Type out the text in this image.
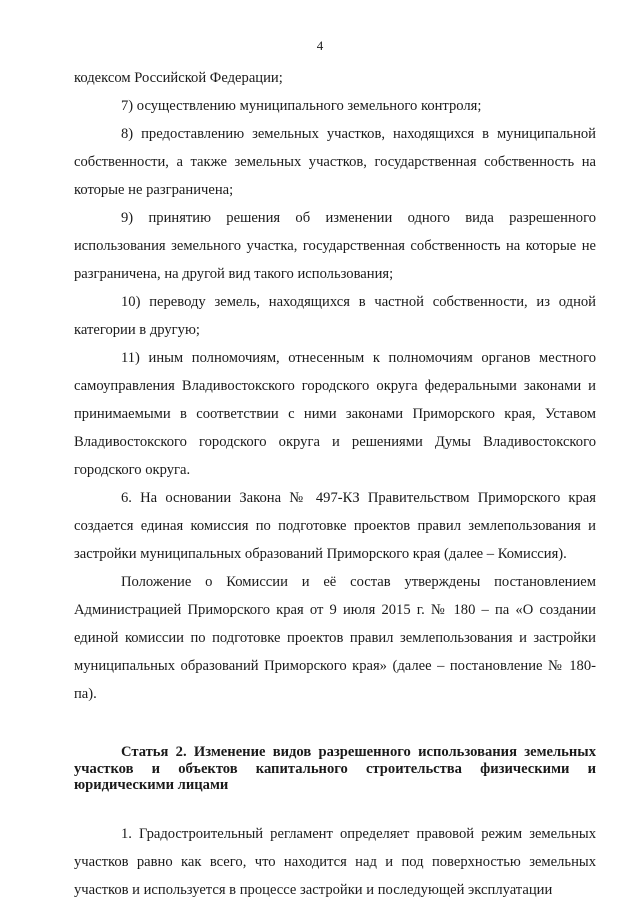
4

кодексом Российской Федерации;

7) осуществлению муниципального земельного контроля;

8) предоставлению земельных участков, находящихся в муниципальной собственности, а также земельных участков, государственная собственность на которые не разграничена;

9) принятию решения об изменении одного вида разрешенного использования земельного участка, государственная собственность на которые не разграничена, на другой вид такого использования;

10) переводу земель, находящихся в частной собственности, из одной категории в другую;

11) иным полномочиям, отнесенным к полномочиям органов местного самоуправления Владивостокского городского округа федеральными законами и принимаемыми в соответствии с ними законами Приморского края, Уставом Владивостокского городского округа и решениями Думы Владивостокского городского округа.

6. На основании Закона № 497-КЗ Правительством Приморского края создается единая комиссия по подготовке проектов правил землепользования и застройки муниципальных образований Приморского края (далее – Комиссия).

Положение о Комиссии и её состав утверждены постановлением Администрацией Приморского края от 9 июля 2015 г. № 180 – па «О создании единой комиссии по подготовке проектов правил землепользования и застройки муниципальных образований Приморского края» (далее – постановление № 180-па).

Статья 2. Изменение видов разрешенного использования земельных участков и объектов капитального строительства физическими и юридическими лицами

1. Градостроительный регламент определяет правовой режим земельных участков равно как всего, что находится над и под поверхностью земельных участков и используется в процессе застройки и последующей эксплуатации
